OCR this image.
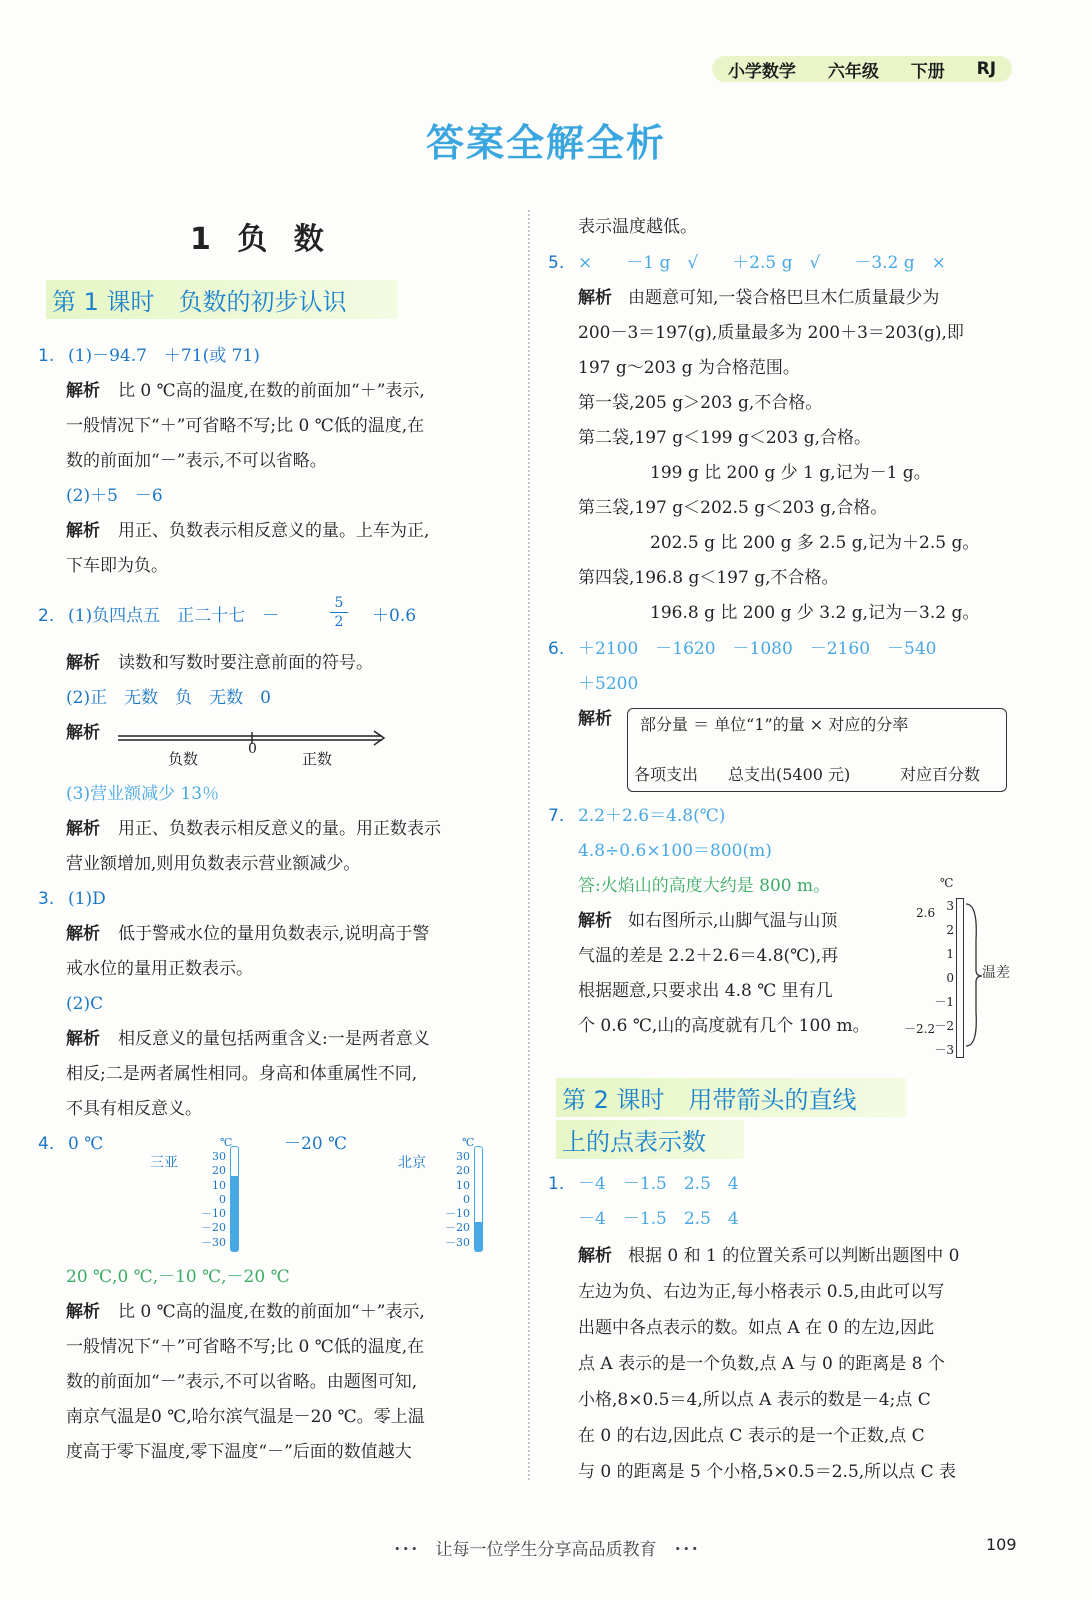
小学数学 六年级 下册 RJ
答案全解全析
1 负 数
第 1 课时　负数的初步认识
1. (1)－94.7　＋71(或 71)
解析 比 0 ℃高的温度,在数的前面加“＋”表示,
一般情况下“＋”可省略不写;比 0 ℃低的温度,在
数的前面加“－”表示,不可以省略。
(2)＋5　－6
解析 用正、负数表示相反意义的量。上车为正,
下车即为负。
2. (1)负四点五　正二十七　－	$\frac{5}{2} +0.6$
解析 读数和写数时要注意前面的符号。
(2)正　无数　负　无数　0
解析
0
负数	正数
(3)营业额减少 13％
解析 用正、负数表示相反意义的量。用正数表示
营业额增加,则用负数表示营业额减少。
3. (1)D
解析 低于警戒水位的量用负数表示,说明高于警
戒水位的量用正数表示。
(2)C
解析 相反意义的量包括两重含义:一是两者意义
相反;二是两者属性相同。身高和体重属性不同,
不具有相反意义。
4. 0 ℃	－20 ℃
三亚
℃
30
20
10
0
－10
－20
－30
北京
℃
30
20
10
0
－10
－20
－30
20 ℃,0 ℃,－10 ℃,－20 ℃
解析 比 0 ℃高的温度,在数的前面加“＋”表示,
一般情况下“＋”可省略不写;比 0 ℃低的温度,在
数的前面加“－”表示,不可以省略。由题图可知,
南京气温是0 ℃,哈尔滨气温是－20 ℃。零上温
度高于零下温度,零下温度“－”后面的数值越大
表示温度越低。
5. ×　　－1 g　√　　＋2.5 g　√　　－3.2 g　×
解析 由题意可知,一袋合格巴旦木仁质量最少为
200－3＝197(g),质量最多为 200＋3＝203(g),即
197 g～203 g 为合格范围。
第一袋,205 g＞203 g,不合格。
第二袋,197 g＜199 g＜203 g,合格。
199 g 比 200 g 少 1 g,记为－1 g。
第三袋,197 g＜202.5 g＜203 g,合格。
202.5 g 比 200 g 多 2.5 g,记为＋2.5 g。
第四袋,196.8 g＜197 g,不合格。
196.8 g 比 200 g 少 3.2 g,记为－3.2 g。
6. ＋2100　－1620　－1080　－2160　－540
＋5200
解析 部分量 ＝ 单位“1”的量 × 对应的分率
各项支出 总支出(5400 元)	对应百分数
7. 2.2＋2.6＝4.8(℃)
4.8÷0.6×100＝800(m)
答:火焰山的高度大约是 800 m。
解析 如右图所示,山脚气温与山顶
气温的差是 2.2＋2.6＝4.8(℃),再
根据题意,只要求出 4.8 ℃ 里有几
个 0.6 ℃,山的高度就有几个 100 m。
℃
2.6
－2.2
3
2
1
0
－1
－2
－3
温差
第 2 课时　用带箭头的直线
上的点表示数
1. －4　－1.5　2.5　4
－4　－1.5　2.5　4
解析 根据 0 和 1 的位置关系可以判断出题图中 0
左边为负、右边为正,每小格表示 0.5,由此可以写
出题中各点表示的数。如点 A 在 0 的左边,因此
点 A 表示的是一个负数,点 A 与 0 的距离是 8 个
小格,8×0.5＝4,所以点 A 表示的数是－4;点 C
在 0 的右边,因此点 C 表示的是一个正数,点 C
与 0 的距离是 5 个小格,5×0.5＝2.5,所以点 C 表
･･･　让每一位学生分享高品质教育　･･･	109
